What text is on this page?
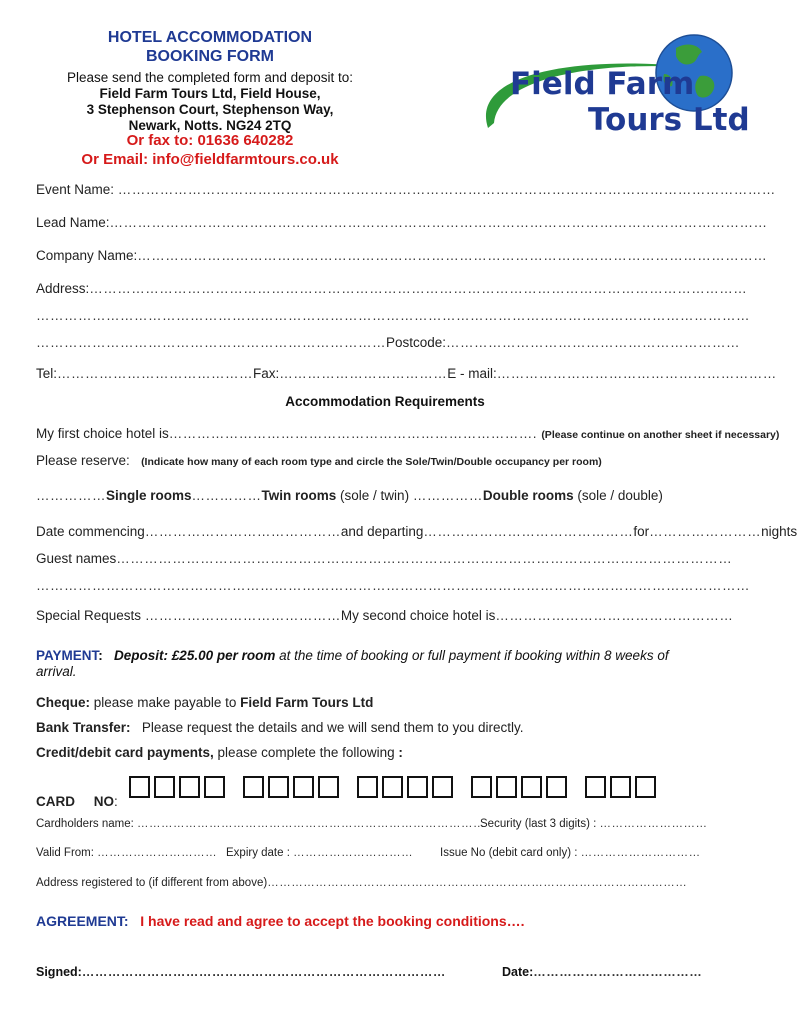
HOTEL ACCOMMODATION
BOOKING FORM
Please send the completed form and deposit to:
Field Farm Tours Ltd, Field House,
3 Stephenson Court, Stephenson Way,
Newark, Notts. NG24 2TQ
Or fax to: 01636 640282
Or Email: info@fieldfarmtours.co.uk
Field Farm
Tours Ltd
Event Name: ……………………………………………………………………………………………………………………………
Lead Name:……………………………………………………………………………………………………………………………
Company Name:………………………………………………………………………………………………………………………
Address:……………………………………………………………………………………………………………………………
………………………………………………………………………………………………………………………………………
…………………………………………………………………Postcode:………………………………………………………
Tel:……………………………………Fax:………………………………E - mail:……………………………………………………
Accommodation Requirements
My first choice hotel is……………………………………………………………………. (Please continue on another sheet if necessary)
Please reserve: (Indicate how many of each room type and circle the Sole/Twin/Double occupancy per room)
……………Single rooms……………Twin rooms (sole / twin) ……………Double rooms (sole / double)
Date commencing……………………………………and departing………………………………………for……………………nights
Guest names……………………………………………………………………………………………………………………
………………………………………………………………………………………………………………………………………
Special Requests ……………………………………My second choice hotel is……………………………………………
PAYMENT: Deposit: £25.00 per room at the time of booking or full payment if booking within 8 weeks of
arrival.
Cheque: please make payable to Field Farm Tours Ltd
Bank Transfer: Please request the details and we will send them to you directly.
Credit/debit card payments, please complete the following :
CARD NO:
Cardholders name: ……………………………………………………………………………
Security (last 3 digits) : ………………………
Valid From: ………………………… Expiry date : ………………………… Issue No (debit card only) : …………………………
Address registered to (if different from above)……………………………………………………………………………………………
AGREEMENT: I have read and agree to accept the booking conditions….
Signed:…………………………………………………………………………	Date:…………………………………
